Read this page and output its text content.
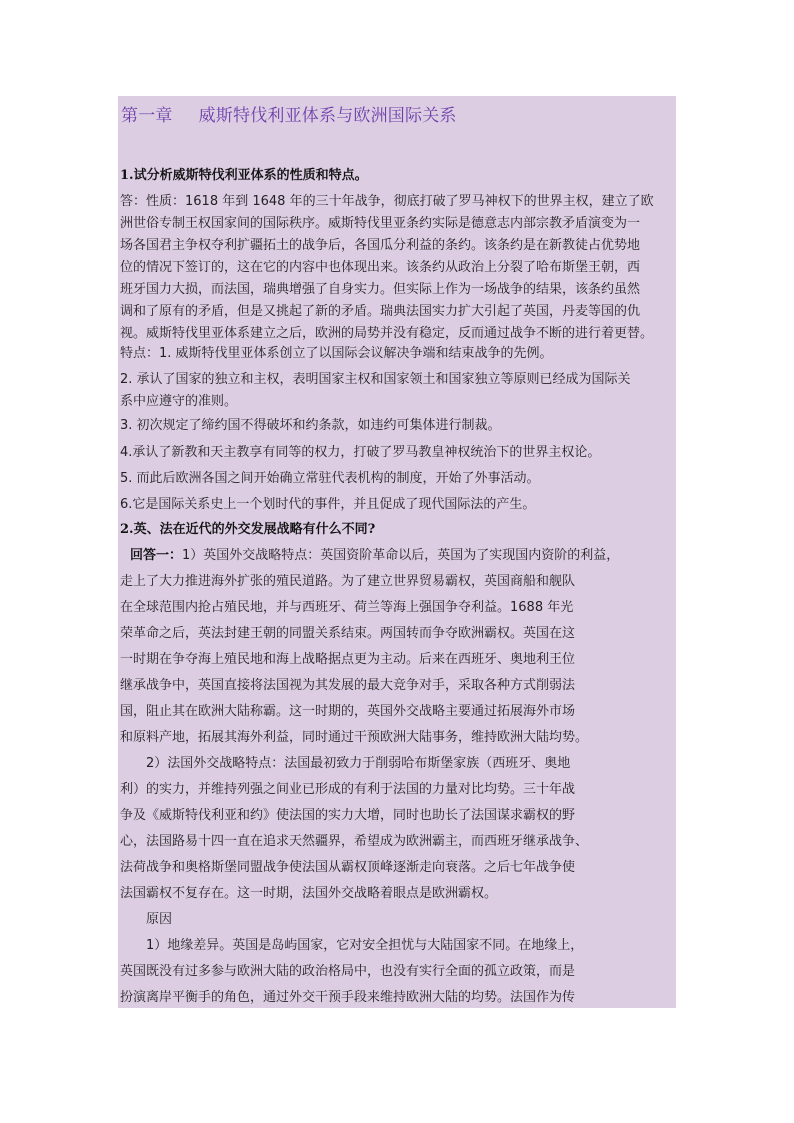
第一章 威斯特伐利亚体系与欧洲国际关系
1.试分析威斯特伐利亚体系的性质和特点。
答：性质：1618 年到 1648 年的三十年战争，彻底打破了罗马神权下的世界主权，建立了欧
洲世俗专制王权国家间的国际秩序。威斯特伐里亚条约实际是德意志内部宗教矛盾演变为一
场各国君主争权夺利扩疆拓土的战争后，各国瓜分利益的条约。该条约是在新教徒占优势地
位的情况下签订的，这在它的内容中也体现出来。该条约从政治上分裂了哈布斯堡王朝，西
班牙国力大损，而法国，瑞典增强了自身实力。但实际上作为一场战争的结果，该条约虽然
调和了原有的矛盾，但是又挑起了新的矛盾。瑞典法国实力扩大引起了英国，丹麦等国的仇
视。威斯特伐里亚体系建立之后，欧洲的局势并没有稳定，反而通过战争不断的进行着更替。
特点：1. 威斯特伐里亚体系创立了以国际会议解决争端和结束战争的先例。
2. 承认了国家的独立和主权，表明国家主权和国家领土和国家独立等原则已经成为国际关
系中应遵守的准则。
3. 初次规定了缔约国不得破坏和约条款，如违约可集体进行制裁。
4.承认了新教和天主教享有同等的权力，打破了罗马教皇神权统治下的世界主权论。
5. 而此后欧洲各国之间开始确立常驻代表机构的制度，开始了外事活动。
6.它是国际关系史上一个划时代的事件，并且促成了现代国际法的产生。
2.英、法在近代的外交发展战略有什么不同?
回答一：1）英国外交战略特点：英国资阶革命以后，英国为了实现国内资阶的利益，
走上了大力推进海外扩张的殖民道路。为了建立世界贸易霸权，英国商船和舰队
在全球范围内抢占殖民地，并与西班牙、荷兰等海上强国争夺利益。1688 年光
荣革命之后，英法封建王朝的同盟关系结束。两国转而争夺欧洲霸权。英国在这
一时期在争夺海上殖民地和海上战略据点更为主动。后来在西班牙、奥地利王位
继承战争中，英国直接将法国视为其发展的最大竞争对手，采取各种方式削弱法
国，阻止其在欧洲大陆称霸。这一时期的，英国外交战略主要通过拓展海外市场
和原料产地，拓展其海外利益，同时通过干预欧洲大陆事务，维持欧洲大陆均势。
2）法国外交战略特点：法国最初致力于削弱哈布斯堡家族（西班牙、奥地
利）的实力，并维持列强之间业已形成的有利于法国的力量对比均势。三十年战
争及《威斯特伐利亚和约》使法国的实力大增，同时也助长了法国谋求霸权的野
心，法国路易十四一直在追求天然疆界，希望成为欧洲霸主，而西班牙继承战争、
法荷战争和奥格斯堡同盟战争使法国从霸权顶峰逐渐走向衰落。之后七年战争使
法国霸权不复存在。这一时期，法国外交战略着眼点是欧洲霸权。
原因
1）地缘差异。英国是岛屿国家，它对安全担忧与大陆国家不同。在地缘上，
英国既没有过多参与欧洲大陆的政治格局中，也没有实行全面的孤立政策，而是
扮演离岸平衡手的角色，通过外交干预手段来维持欧洲大陆的均势。法国作为传
